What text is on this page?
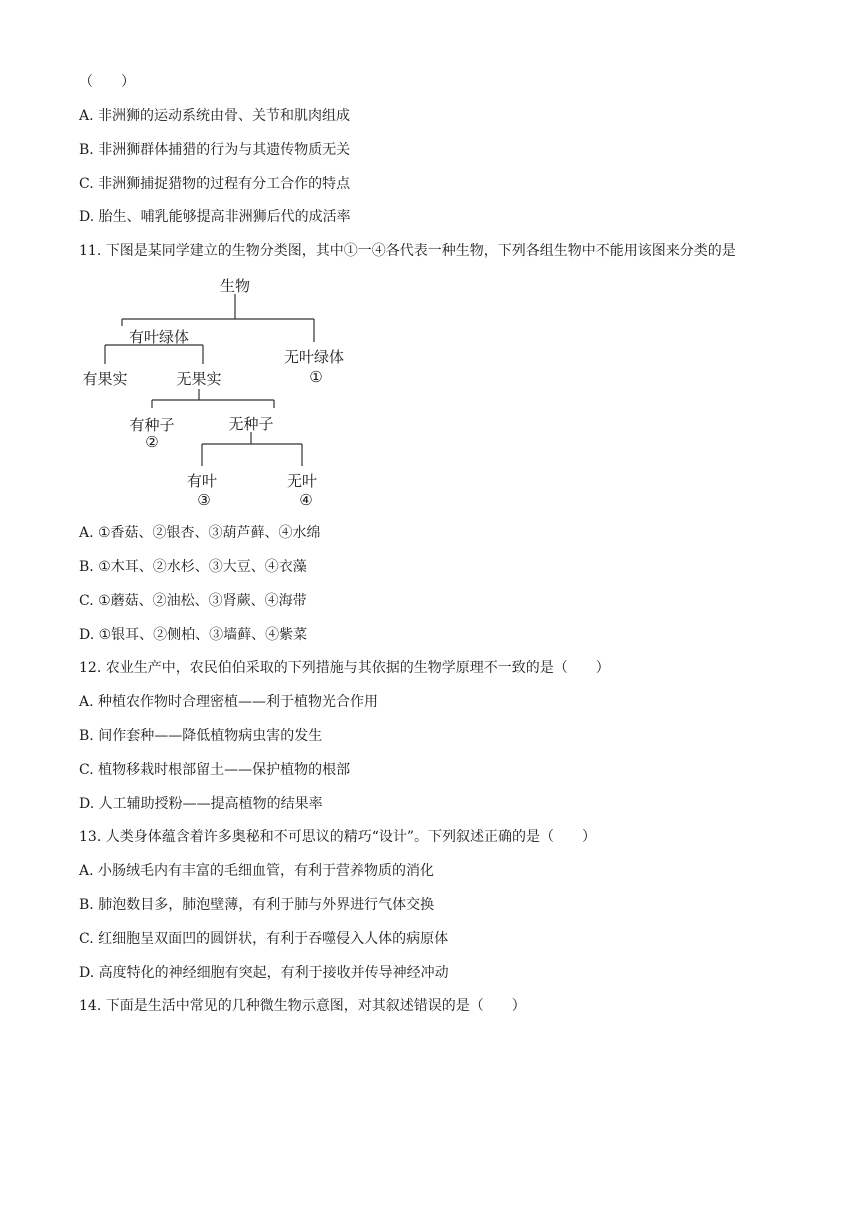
（　　）
A. 非洲狮的运动系统由骨、关节和肌肉组成
B. 非洲狮群体捕猎的行为与其遗传物质无关
C. 非洲狮捕捉猎物的过程有分工合作的特点
D. 胎生、哺乳能够提高非洲狮后代的成活率
11. 下图是某同学建立的生物分类图，其中①一④各代表一种生物，下列各组生物中不能用该图来分类的是
生物
有叶绿体
无叶绿体
①
有果实	无果实
有种子
②
无种子
有叶
③
无叶
④
A. ①香菇、②银杏、③葫芦藓、④水绵
B. ①木耳、②水杉、③大豆、④衣藻
C. ①蘑菇、②油松、③肾蕨、④海带
D. ①银耳、②侧柏、③墙藓、④紫菜
12. 农业生产中，农民伯伯采取的下列措施与其依据的生物学原理不一致的是（　　）
A. 种植农作物时合理密植——利于植物光合作用
B. 间作套种——降低植物病虫害的发生
C. 植物移栽时根部留土——保护植物的根部
D. 人工辅助授粉——提高植物的结果率
13. 人类身体蕴含着许多奥秘和不可思议的精巧“设计”。下列叙述正确的是（　　）
A. 小肠绒毛内有丰富的毛细血管，有利于营养物质的消化
B. 肺泡数目多，肺泡壁薄，有利于肺与外界进行气体交换
C. 红细胞呈双面凹的圆饼状，有利于吞噬侵入人体的病原体
D. 高度特化的神经细胞有突起，有利于接收并传导神经冲动
14. 下面是生活中常见的几种微生物示意图，对其叙述错误的是（　　）
